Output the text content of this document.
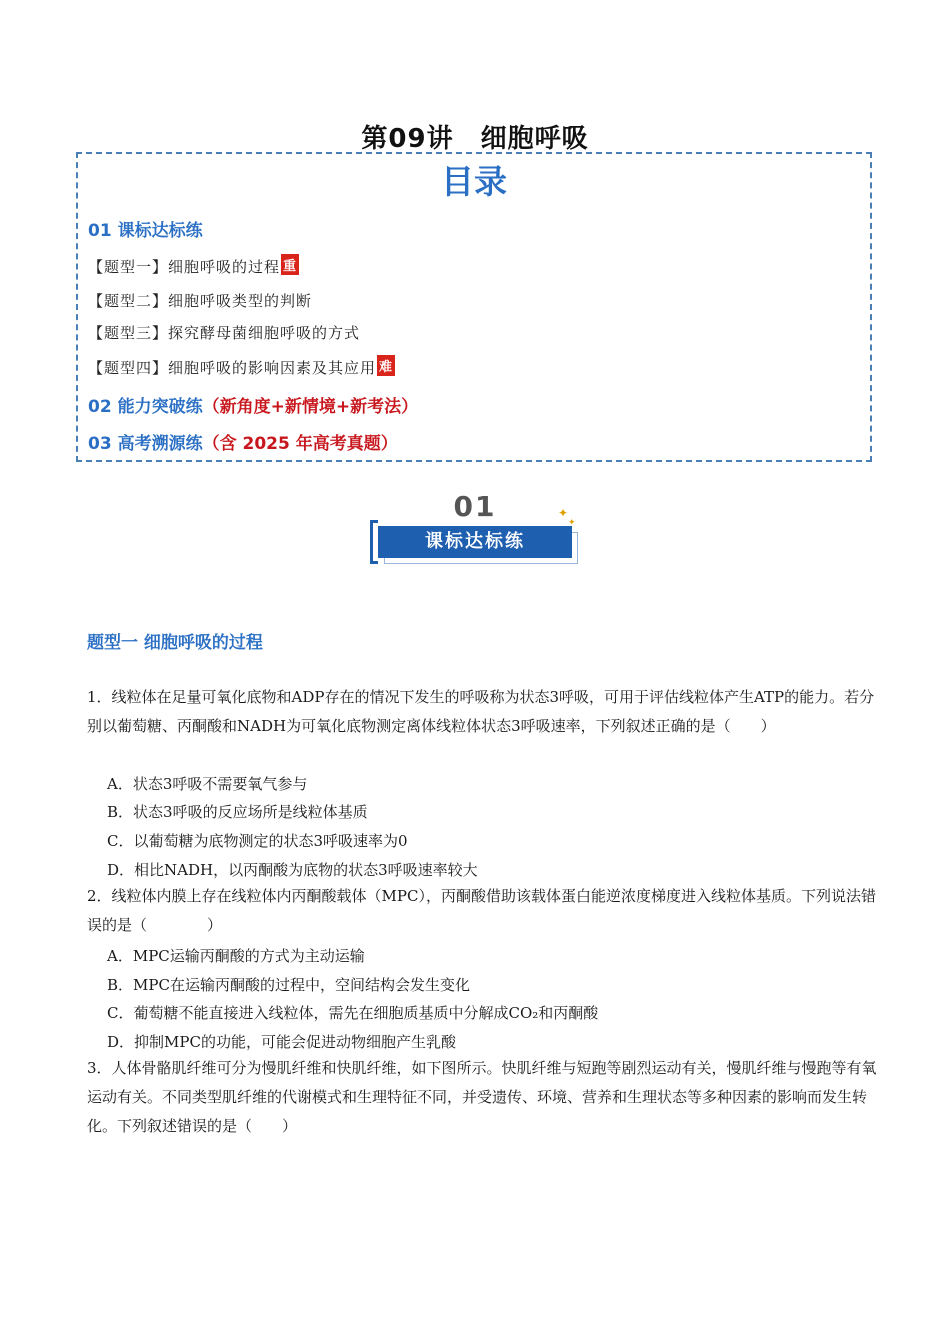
第09讲　细胞呼吸
目录
01 课标达标练
【题型一】细胞呼吸的过程 重
【题型二】细胞呼吸类型的判断
【题型三】探究酵母菌细胞呼吸的方式
【题型四】细胞呼吸的影响因素及其应用 难
02 能力突破练（新角度+新情境+新考法）
03 高考溯源练（含 2025 年高考真题）
01
课标达标练
✦
✦
题型一 细胞呼吸的过程
1．线粒体在足量可氧化底物和ADP存在的情况下发生的呼吸称为状态3呼吸，可用于评估线粒体产生ATP的能力。若分别以葡萄糖、丙酮酸和NADH为可氧化底物测定离体线粒体状态3呼吸速率，下列叙述正确的是（　　）
A．状态3呼吸不需要氧气参与
B．状态3呼吸的反应场所是线粒体基质
C．以葡萄糖为底物测定的状态3呼吸速率为0
D．相比NADH，以丙酮酸为底物的状态3呼吸速率较大
2．线粒体内膜上存在线粒体内丙酮酸载体（MPC），丙酮酸借助该载体蛋白能逆浓度梯度进入线粒体基质。下列说法错误的是（　　　　）
A．MPC运输丙酮酸的方式为主动运输
B．MPC在运输丙酮酸的过程中，空间结构会发生变化
C．葡萄糖不能直接进入线粒体，需先在细胞质基质中分解成CO₂和丙酮酸
D．抑制MPC的功能，可能会促进动物细胞产生乳酸
3．人体骨骼肌纤维可分为慢肌纤维和快肌纤维，如下图所示。快肌纤维与短跑等剧烈运动有关，慢肌纤维与慢跑等有氧运动有关。不同类型肌纤维的代谢模式和生理特征不同，并受遗传、环境、营养和生理状态等多种因素的影响而发生转化。下列叙述错误的是（　　）
